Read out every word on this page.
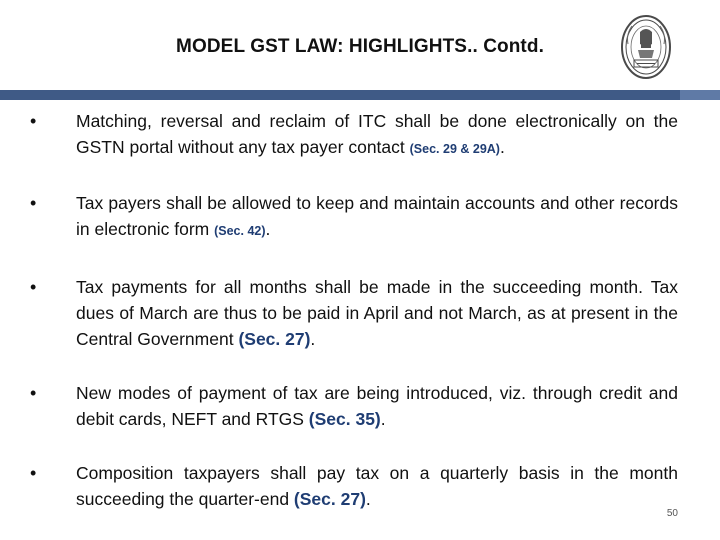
MODEL GST LAW: HIGHLIGHTS.. Contd.
• Matching, reversal and reclaim of ITC shall be done electronically on the GSTN portal without any tax payer contact (Sec. 29 & 29A).
• Tax payers shall be allowed to keep and maintain accounts and other records in electronic form (Sec. 42).
• Tax payments for all months shall be made in the succeeding month. Tax dues of March are thus to be paid in April and not March, as at present in the Central Government (Sec. 27).
• New modes of payment of tax are being introduced, viz. through credit and debit cards, NEFT and RTGS (Sec. 35).
• Composition taxpayers shall pay tax on a quarterly basis in the month succeeding the quarter-end (Sec. 27).
50
